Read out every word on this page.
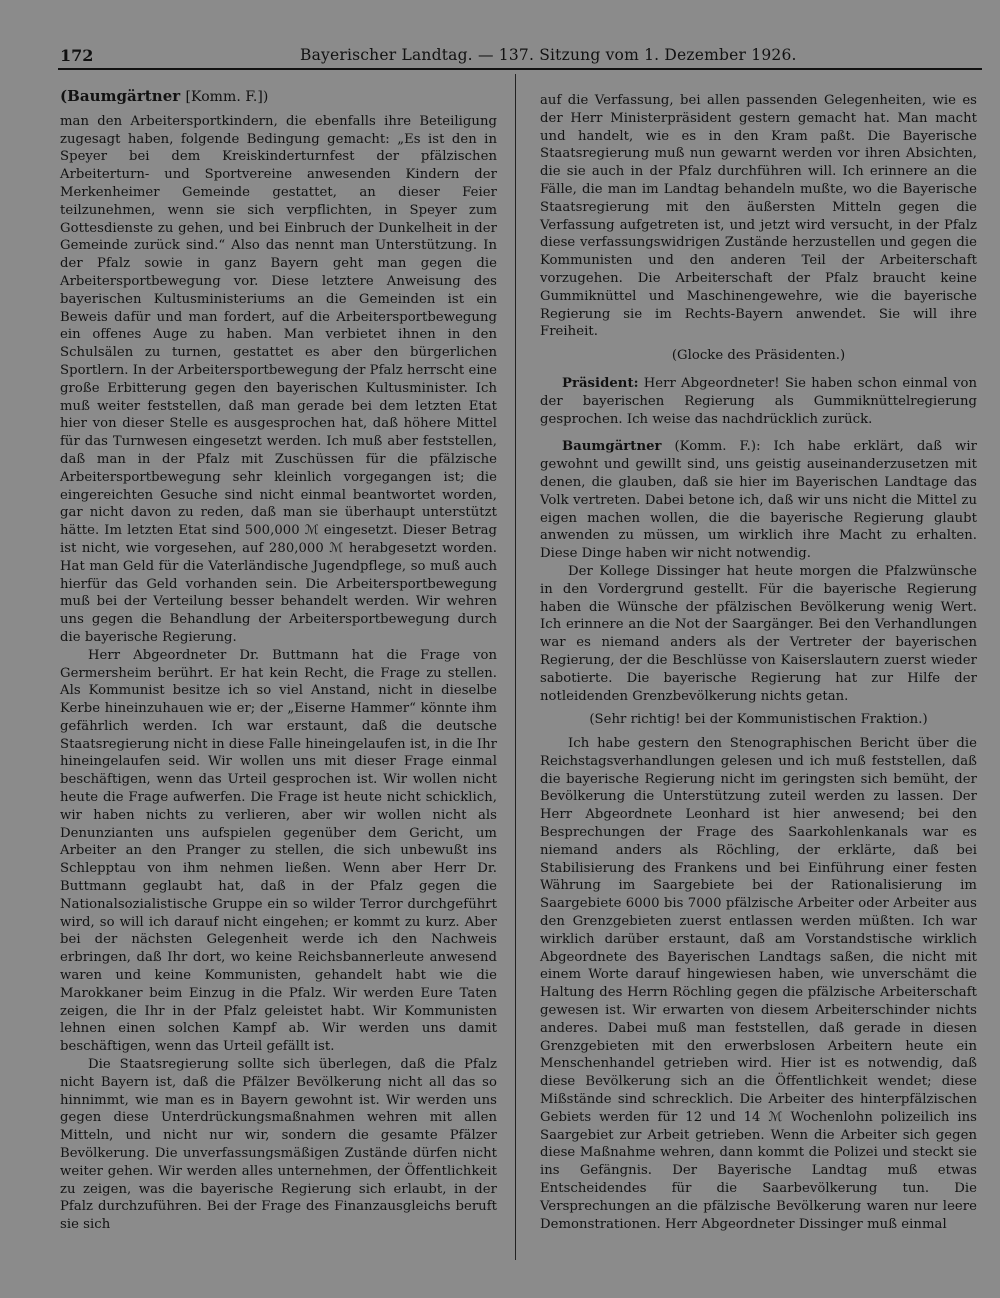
172	Bayerischer Landtag. — 137. Sitzung vom 1. Dezember 1926.

(Baumgärtner [Komm. F.])

man den Arbeitersportkindern, die ebenfalls ihre Beteiligung zugesagt haben, folgende Bedingung gemacht: „Es ist den in Speyer bei dem Kreiskinderturnfest der pfälzischen Arbeiterturn- und Sportvereine anwesenden Kindern der Merkenheimer Gemeinde gestattet, an dieser Feier teilzunehmen, wenn sie sich verpflichten, in Speyer zum Gottesdienste zu gehen, und bei Einbruch der Dunkelheit in der Gemeinde zurück sind.“ Also das nennt man Unterstützung. In der Pfalz sowie in ganz Bayern geht man gegen die Arbeitersportbewegung vor. Diese letztere Anweisung des bayerischen Kultusministeriums an die Gemeinden ist ein Beweis dafür und man fordert, auf die Arbeitersportbewegung ein offenes Auge zu haben. Man verbietet ihnen in den Schulsälen zu turnen, gestattet es aber den bürgerlichen Sportlern. In der Arbeitersportbewegung der Pfalz herrscht eine große Erbitterung gegen den bayerischen Kultusminister. Ich muß weiter feststellen, daß man gerade bei dem letzten Etat hier von dieser Stelle es ausgesprochen hat, daß höhere Mittel für das Turnwesen eingesetzt werden. Ich muß aber feststellen, daß man in der Pfalz mit Zuschüssen für die pfälzische Arbeitersportbewegung sehr kleinlich vorgegangen ist; die eingereichten Gesuche sind nicht einmal beantwortet worden, gar nicht davon zu reden, daß man sie überhaupt unterstützt hätte. Im letzten Etat sind 500,000 ℳ eingesetzt. Dieser Betrag ist nicht, wie vorgesehen, auf 280,000 ℳ herabgesetzt worden. Hat man Geld für die Vaterländische Jugendpflege, so muß auch hierfür das Geld vorhanden sein. Die Arbeitersportbewegung muß bei der Verteilung besser behandelt werden. Wir wehren uns gegen die Behandlung der Arbeitersportbewegung durch die bayerische Regierung.

Herr Abgeordneter Dr. Buttmann hat die Frage von Germersheim berührt. Er hat kein Recht, die Frage zu stellen. Als Kommunist besitze ich so viel Anstand, nicht in dieselbe Kerbe hineinzuhauen wie er; der „Eiserne Hammer“ könnte ihm gefährlich werden. Ich war erstaunt, daß die deutsche Staatsregierung nicht in diese Falle hineingelaufen ist, in die Ihr hineingelaufen seid. Wir wollen uns mit dieser Frage einmal beschäftigen, wenn das Urteil gesprochen ist. Wir wollen nicht heute die Frage aufwerfen. Die Frage ist heute nicht schicklich, wir haben nichts zu verlieren, aber wir wollen nicht als Denunzianten uns aufspielen gegenüber dem Gericht, um Arbeiter an den Pranger zu stellen, die sich unbewußt ins Schlepptau von ihm nehmen ließen. Wenn aber Herr Dr. Buttmann geglaubt hat, daß in der Pfalz gegen die Nationalsozialistische Gruppe ein so wilder Terror durchgeführt wird, so will ich darauf nicht eingehen; er kommt zu kurz. Aber bei der nächsten Gelegenheit werde ich den Nachweis erbringen, daß Ihr dort, wo keine Reichsbannerleute anwesend waren und keine Kommunisten, gehandelt habt wie die Marokkaner beim Einzug in die Pfalz. Wir werden Eure Taten zeigen, die Ihr in der Pfalz geleistet habt. Wir Kommunisten lehnen einen solchen Kampf ab. Wir werden uns damit beschäftigen, wenn das Urteil gefällt ist.

Die Staatsregierung sollte sich überlegen, daß die Pfalz nicht Bayern ist, daß die Pfälzer Bevölkerung nicht all das so hinnimmt, wie man es in Bayern gewohnt ist. Wir werden uns gegen diese Unterdrückungsmaßnahmen wehren mit allen Mitteln, und nicht nur wir, sondern die gesamte Pfälzer Bevölkerung. Die unverfassungsmäßigen Zustände dürfen nicht weiter gehen. Wir werden alles unternehmen, der Öffentlichkeit zu zeigen, was die bayerische Regierung sich erlaubt, in der Pfalz durchzuführen. Bei der Frage des Finanzausgleichs beruft sie sich

auf die Verfassung, bei allen passenden Gelegenheiten, wie es der Herr Ministerpräsident gestern gemacht hat. Man macht und handelt, wie es in den Kram paßt. Die Bayerische Staatsregierung muß nun gewarnt werden vor ihren Absichten, die sie auch in der Pfalz durchführen will. Ich erinnere an die Fälle, die man im Landtag behandeln mußte, wo die Bayerische Staatsregierung mit den äußersten Mitteln gegen die Verfassung aufgetreten ist, und jetzt wird versucht, in der Pfalz diese verfassungswidrigen Zustände herzustellen und gegen die Kommunisten und den anderen Teil der Arbeiterschaft vorzugehen. Die Arbeiterschaft der Pfalz braucht keine Gummiknüttel und Maschinengewehre, wie die bayerische Regierung sie im Rechts-Bayern anwendet. Sie will ihre Freiheit.

(Glocke des Präsidenten.)

Präsident: Herr Abgeordneter! Sie haben schon einmal von der bayerischen Regierung als Gummiknüttelregierung gesprochen. Ich weise das nachdrücklich zurück.

Baumgärtner (Komm. F.): Ich habe erklärt, daß wir gewohnt und gewillt sind, uns geistig auseinanderzusetzen mit denen, die glauben, daß sie hier im Bayerischen Landtage das Volk vertreten. Dabei betone ich, daß wir uns nicht die Mittel zu eigen machen wollen, die die bayerische Regierung glaubt anwenden zu müssen, um wirklich ihre Macht zu erhalten. Diese Dinge haben wir nicht notwendig.

Der Kollege Dissinger hat heute morgen die Pfalzwünsche in den Vordergrund gestellt. Für die bayerische Regierung haben die Wünsche der pfälzischen Bevölkerung wenig Wert. Ich erinnere an die Not der Saargänger. Bei den Verhandlungen war es niemand anders als der Vertreter der bayerischen Regierung, der die Beschlüsse von Kaiserslautern zuerst wieder sabotierte. Die bayerische Regierung hat zur Hilfe der notleidenden Grenzbevölkerung nichts getan.

(Sehr richtig! bei der Kommunistischen Fraktion.)

Ich habe gestern den Stenographischen Bericht über die Reichstagsverhandlungen gelesen und ich muß feststellen, daß die bayerische Regierung nicht im geringsten sich bemüht, der Bevölkerung die Unterstützung zuteil werden zu lassen. Der Herr Abgeordnete Leonhard ist hier anwesend; bei den Besprechungen der Frage des Saarkohlenkanals war es niemand anders als Röchling, der erklärte, daß bei Stabilisierung des Frankens und bei Einführung einer festen Währung im Saargebiete bei der Rationalisierung im Saargebiete 6000 bis 7000 pfälzische Arbeiter oder Arbeiter aus den Grenzgebieten zuerst entlassen werden müßten. Ich war wirklich darüber erstaunt, daß am Vorstandstische wirklich Abgeordnete des Bayerischen Landtags saßen, die nicht mit einem Worte darauf hingewiesen haben, wie unverschämt die Haltung des Herrn Röchling gegen die pfälzische Arbeiterschaft gewesen ist. Wir erwarten von diesem Arbeiterschinder nichts anderes. Dabei muß man feststellen, daß gerade in diesen Grenzgebieten mit den erwerbslosen Arbeitern heute ein Menschenhandel getrieben wird. Hier ist es notwendig, daß diese Bevölkerung sich an die Öffentlichkeit wendet; diese Mißstände sind schrecklich. Die Arbeiter des hinterpfälzischen Gebiets werden für 12 und 14 ℳ Wochenlohn polizeilich ins Saargebiet zur Arbeit getrieben. Wenn die Arbeiter sich gegen diese Maßnahme wehren, dann kommt die Polizei und steckt sie ins Gefängnis. Der Bayerische Landtag muß etwas Entscheidendes für die Saarbevölkerung tun. Die Versprechungen an die pfälzische Bevölkerung waren nur leere Demonstrationen. Herr Abgeordneter Dissinger muß einmal
